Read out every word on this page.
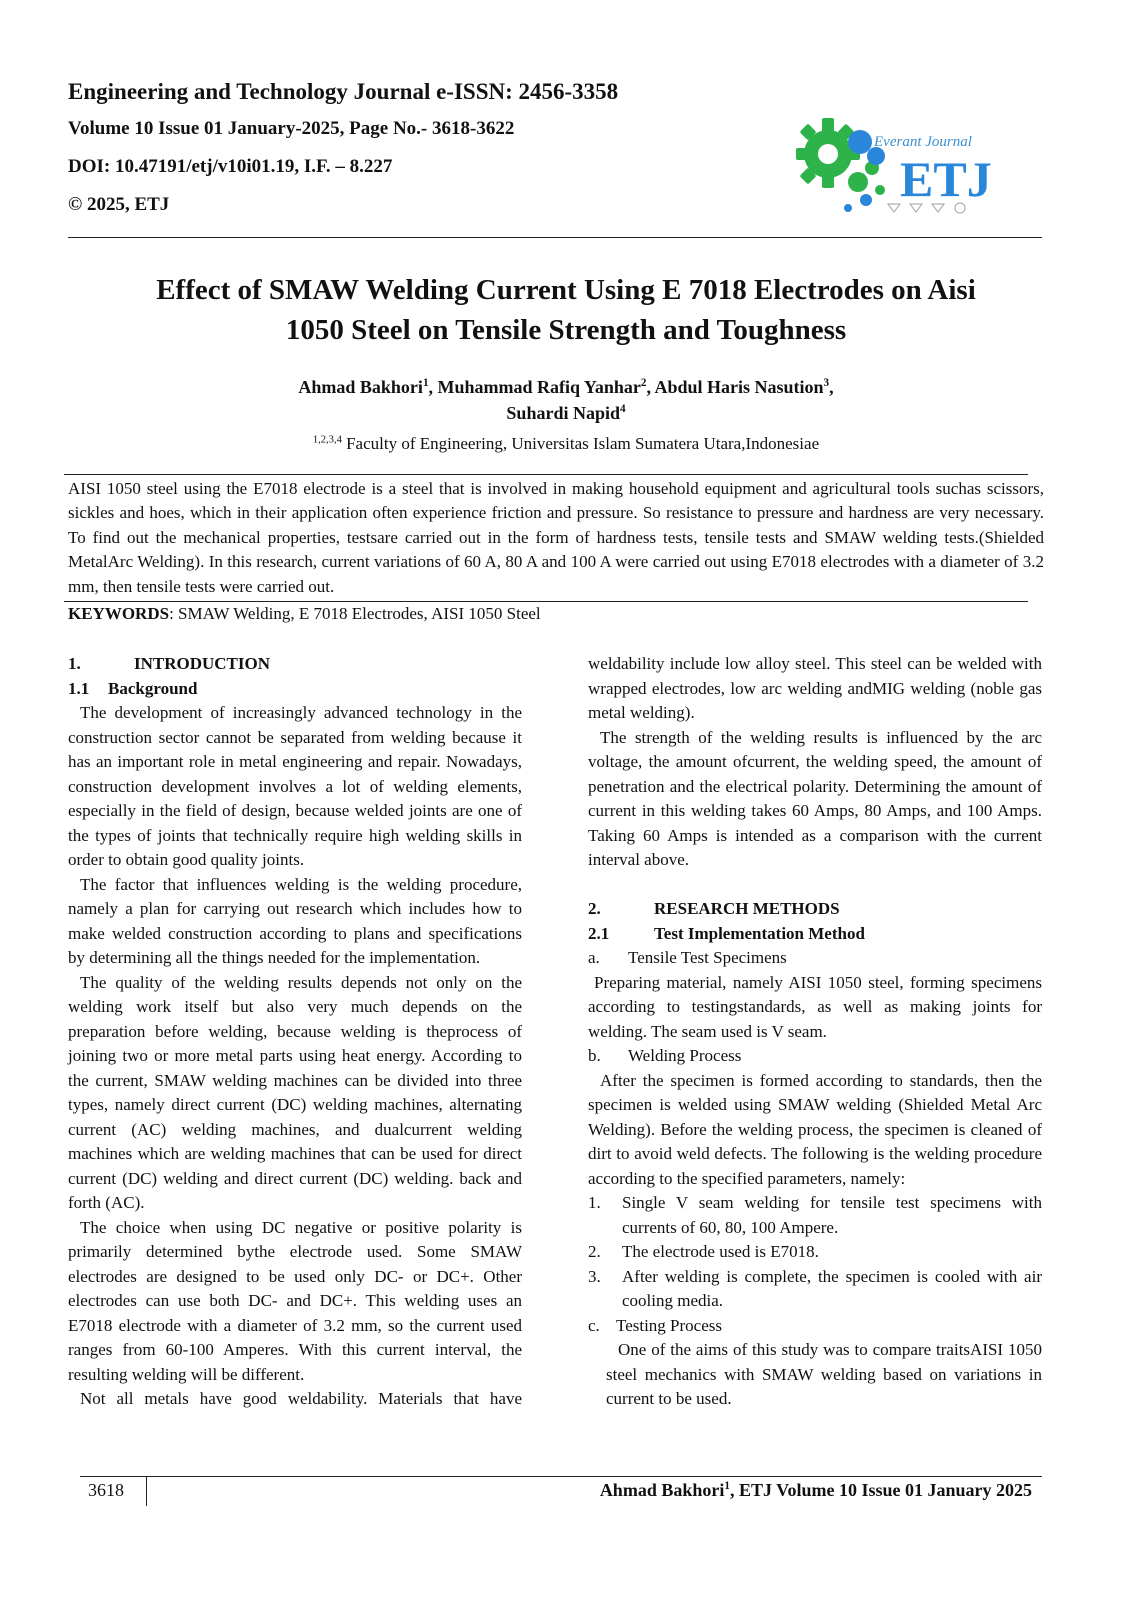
Engineering and Technology Journal e-ISSN: 2456-3358
Volume 10 Issue 01 January-2025, Page No.- 3618-3622
DOI: 10.47191/etj/v10i01.19, I.F. – 8.227
© 2025, ETJ
Everant Journal
ETJ
Effect of SMAW Welding Current Using E 7018 Electrodes on Aisi
1050 Steel on Tensile Strength and Toughness
Ahmad Bakhori$^1$, Muhammad Rafiq Yanhar$^2$, Abdul Haris Nasution$^3$,
Suhardi Napid$^4$
$^{1,2,3,4}$ Faculty of Engineering, Universitas Islam Sumatera Utara,Indonesiae

AISI 1050 steel using the E7018 electrode is a steel that is involved in making household equipment and agricultural tools suchas scissors, sickles and hoes, which in their application often experience friction and pressure. So resistance to pressure and hardness are very necessary. To find out the mechanical properties, testsare carried out in the form of hardness tests, tensile tests and SMAW welding tests.(Shielded MetalArc Welding). In this research, current variations of 60 A, 80 A and 100 A were carried out using E7018 electrodes with a diameter of 3.2 mm, then tensile tests were carried out.

KEYWORDS: SMAW Welding, E 7018 Electrodes, AISI 1050 Steel
1.	INTRODUCTION
1.1	Background

The development of increasingly advanced technology in the construction sector cannot be separated from welding because it has an important role in metal engineering and repair. Nowadays, construction development involves a lot of welding elements, especially in the field of design, because welded joints are one of the types of joints that technically require high welding skills in order to obtain good quality joints.

The factor that influences welding is the welding procedure, namely a plan for carrying out research which includes how to make welded construction according to plans and specifications by determining all the things needed for the implementation.

The quality of the welding results depends not only on the welding work itself but also very much depends on the preparation before welding, because welding is theprocess of joining two or more metal parts using heat energy. According to the current, SMAW welding machines can be divided into three types, namely direct current (DC) welding machines, alternating current (AC) welding machines, and dualcurrent welding machines which are welding machines that can be used for direct current (DC) welding and direct current (DC) welding. back and forth (AC).

The choice when using DC negative or positive polarity is primarily determined bythe electrode used. Some SMAW electrodes are designed to be used only DC- or DC+. Other electrodes can use both DC- and DC+. This welding uses an E7018 electrode with a diameter of 3.2 mm, so the current used ranges from 60-100 Amperes. With this current interval, the resulting welding will be different.

Not all metals have good weldability. Materials that have

weldability include low alloy steel. This steel can be welded with wrapped electrodes, low arc welding andMIG welding (noble gas metal welding).

The strength of the welding results is influenced by the arc voltage, the amount ofcurrent, the welding speed, the amount of penetration and the electrical polarity. Determining the amount of current in this welding takes 60 Amps, 80 Amps, and 100 Amps. Taking 60 Amps is intended as a comparison with the current interval above.

2.	RESEARCH METHODS
2.1	Test Implementation Method
a.	Tensile Test Specimens

Preparing material, namely AISI 1050 steel, forming specimens according to testingstandards, as well as making joints for welding. The seam used is V seam.

b.	Welding Process

After the specimen is formed according to standards, then the specimen is welded using SMAW welding (Shielded Metal Arc Welding). Before the welding process, the specimen is cleaned of dirt to avoid weld defects. The following is the welding procedure according to the specified parameters, namely:

1.	Single V seam welding for tensile test specimens with currents of 60, 80, 100 Ampere.
2.	The electrode used is E7018.
3.	After welding is complete, the specimen is cooled with air cooling media.
c. Testing Process

One of the aims of this study was to compare traitsAISI 1050 steel mechanics with SMAW welding based on variations in current to be used.

3618	Ahmad Bakhori$^1$, ETJ Volume 10 Issue 01 January 2025
